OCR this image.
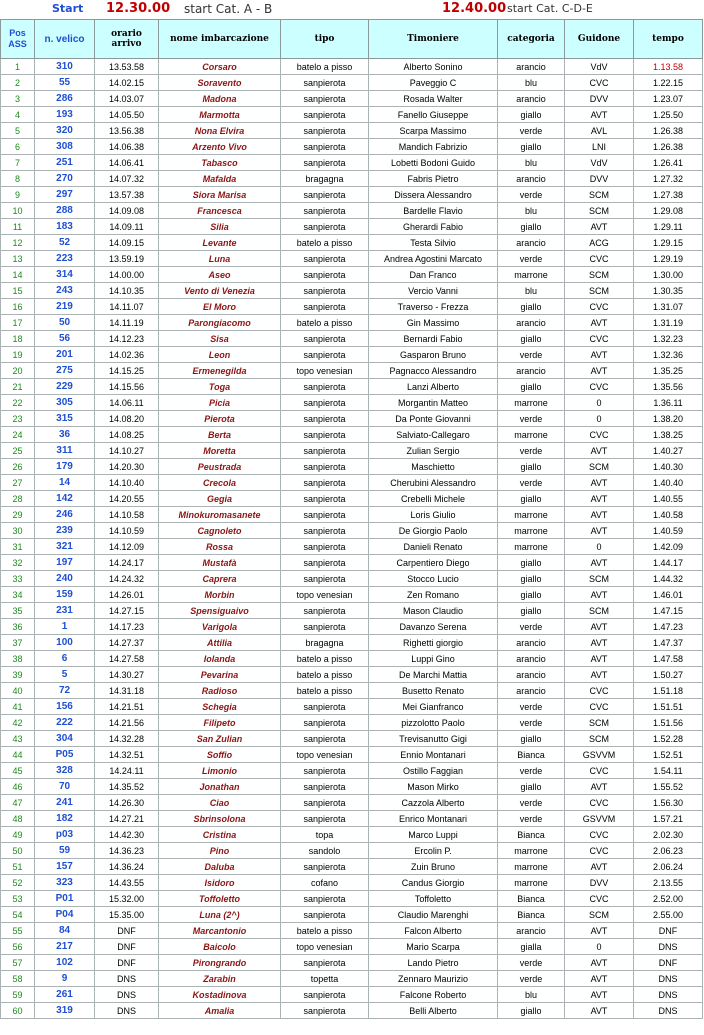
Start 12.30.00 start Cat. A - B	12.40.00 start Cat. C-D-E
Pos
ASS	n. velico	orario arrivo	nome imbarcazione	tipo	Timoniere	categoria	Guidone	tempo
1	310	13.53.58	Corsaro	batelo a pisso	Alberto Sonino	arancio	VdV	1.13.58
2	55	14.02.15	Soravento	sanpierota	Paveggio C	blu	CVC	1.22.15
3	286	14.03.07	Madona	sanpierota	Rosada Walter	arancio	DVV	1.23.07
4	193	14.05.50	Marmotta	sanpierota	Fanello Giuseppe	giallo	AVT	1.25.50
5	320	13.56.38	Nona Elvira	sanpierota	Scarpa Massimo	verde	AVL	1.26.38
6	308	14.06.38	Arzento Vivo	sanpierota	Mandich Fabrizio	giallo	LNI	1.26.38
7	251	14.06.41	Tabasco	sanpierota	Lobetti Bodoni Guido	blu	VdV	1.26.41
8	270	14.07.32	Mafalda	bragagna	Fabris Pietro	arancio	DVV	1.27.32
9	297	13.57.38	Siora Marisa	sanpierota	Dissera Alessandro	verde	SCM	1.27.38
10	288	14.09.08	Francesca	sanpierota	Bardelle Flavio	blu	SCM	1.29.08
11	183	14.09.11	Silia	sanpierota	Gherardi Fabio	giallo	AVT	1.29.11
12	52	14.09.15	Levante	batelo a pisso	Testa Silvio	arancio	ACG	1.29.15
13	223	13.59.19	Luna	sanpierota	Andrea Agostini Marcato	verde	CVC	1.29.19
14	314	14.00.00	Aseo	sanpierota	Dan Franco	marrone	SCM	1.30.00
15	243	14.10.35	Vento di Venezia	sanpierota	Vercio Vanni	blu	SCM	1.30.35
16	219	14.11.07	El Moro	sanpierota	Traverso - Frezza	giallo	CVC	1.31.07
17	50	14.11.19	Parongiacomo	batelo a pisso	Gin Massimo	arancio	AVT	1.31.19
18	56	14.12.23	Sisa	sanpierota	Bernardi Fabio	giallo	CVC	1.32.23
19	201	14.02.36	Leon	sanpierota	Gasparon Bruno	verde	AVT	1.32.36
20	275	14.15.25	Ermenegilda	topo venesian	Pagnacco Alessandro	arancio	AVT	1.35.25
21	229	14.15.56	Toga	sanpierota	Lanzi Alberto	giallo	CVC	1.35.56
22	305	14.06.11	Picia	sanpierota	Morgantin Matteo	marrone	0	1.36.11
23	315	14.08.20	Pierota	sanpierota	Da Ponte Giovanni	verde	0	1.38.20
24	36	14.08.25	Berta	sanpierota	Salviato-Callegaro	marrone	CVC	1.38.25
25	311	14.10.27	Moretta	sanpierota	Zulian Sergio	verde	AVT	1.40.27
26	179	14.20.30	Peustrada	sanpierota	Maschietto	giallo	SCM	1.40.30
27	14	14.10.40	Crecola	sanpierota	Cherubini Alessandro	verde	AVT	1.40.40
28	142	14.20.55	Gegia	sanpierota	Crebelli Michele	giallo	AVT	1.40.55
29	246	14.10.58	Minokuromasanete	sanpierota	Loris Giulio	marrone	AVT	1.40.58
30	239	14.10.59	Cagnoleto	sanpierota	De Giorgio Paolo	marrone	AVT	1.40.59
31	321	14.12.09	Rossa	sanpierota	Danieli Renato	marrone	0	1.42.09
32	197	14.24.17	Mustafà	sanpierota	Carpentiero Diego	giallo	AVT	1.44.17
33	240	14.24.32	Caprera	sanpierota	Stocco Lucio	giallo	SCM	1.44.32
34	159	14.26.01	Morbin	topo venesian	Zen Romano	giallo	AVT	1.46.01
35	231	14.27.15	Spensiguaivo	sanpierota	Mason Claudio	giallo	SCM	1.47.15
36	1	14.17.23	Varigola	sanpierota	Davanzo Serena	verde	AVT	1.47.23
37	100	14.27.37	Attilia	bragagna	Righetti giorgio	arancio	AVT	1.47.37
38	6	14.27.58	Iolanda	batelo a pisso	Luppi Gino	arancio	AVT	1.47.58
39	5	14.30.27	Pevarina	batelo a pisso	De Marchi Mattia	arancio	AVT	1.50.27
40	72	14.31.18	Radioso	batelo a pisso	Busetto Renato	arancio	CVC	1.51.18
41	156	14.21.51	Schegia	sanpierota	Mei Gianfranco	verde	CVC	1.51.51
42	222	14.21.56	Filipeto	sanpierota	pizzolotto Paolo	verde	SCM	1.51.56
43	304	14.32.28	San Zulian	sanpierota	Trevisanutto Gigi	giallo	SCM	1.52.28
44	P05	14.32.51	Soffio	topo venesian	Ennio Montanari	Bianca	GSVVM	1.52.51
45	328	14.24.11	Limonio	sanpierota	Ostillo Faggian	verde	CVC	1.54.11
46	70	14.35.52	Jonathan	sanpierota	Mason Mirko	giallo	AVT	1.55.52
47	241	14.26.30	Ciao	sanpierota	Cazzola Alberto	verde	CVC	1.56.30
48	182	14.27.21	Sbrinsolona	sanpierota	Enrico Montanari	verde	GSVVM	1.57.21
49	p03	14.42.30	Cristina	topa	Marco Luppi	Bianca	CVC	2.02.30
50	59	14.36.23	Pino	sandolo	Ercolin P.	marrone	CVC	2.06.23
51	157	14.36.24	Daluba	sanpierota	Zuin Bruno	marrone	AVT	2.06.24
52	323	14.43.55	Isidoro	cofano	Candus Giorgio	marrone	DVV	2.13.55
53	P01	15.32.00	Toffoletto	sanpierota	Toffoletto	Bianca	CVC	2.52.00
54	P04	15.35.00	Luna (2^)	sanpierota	Claudio Marenghi	Bianca	SCM	2.55.00
55	84	DNF	Marcantonio	batelo a pisso	Falcon Alberto	arancio	AVT	DNF
56	217	DNF	Baicolo	topo venesian	Mario Scarpa	gialla	0	DNS
57	102	DNF	Pirongrando	sanpierota	Lando Pietro	verde	AVT	DNF
58	9	DNS	Zarabin	topetta	Zennaro Maurizio	verde	AVT	DNS
59	261	DNS	Kostadinova	sanpierota	Falcone Roberto	blu	AVT	DNS
60	319	DNS	Amalia	sanpierota	Belli Alberto	giallo	AVT	DNS
